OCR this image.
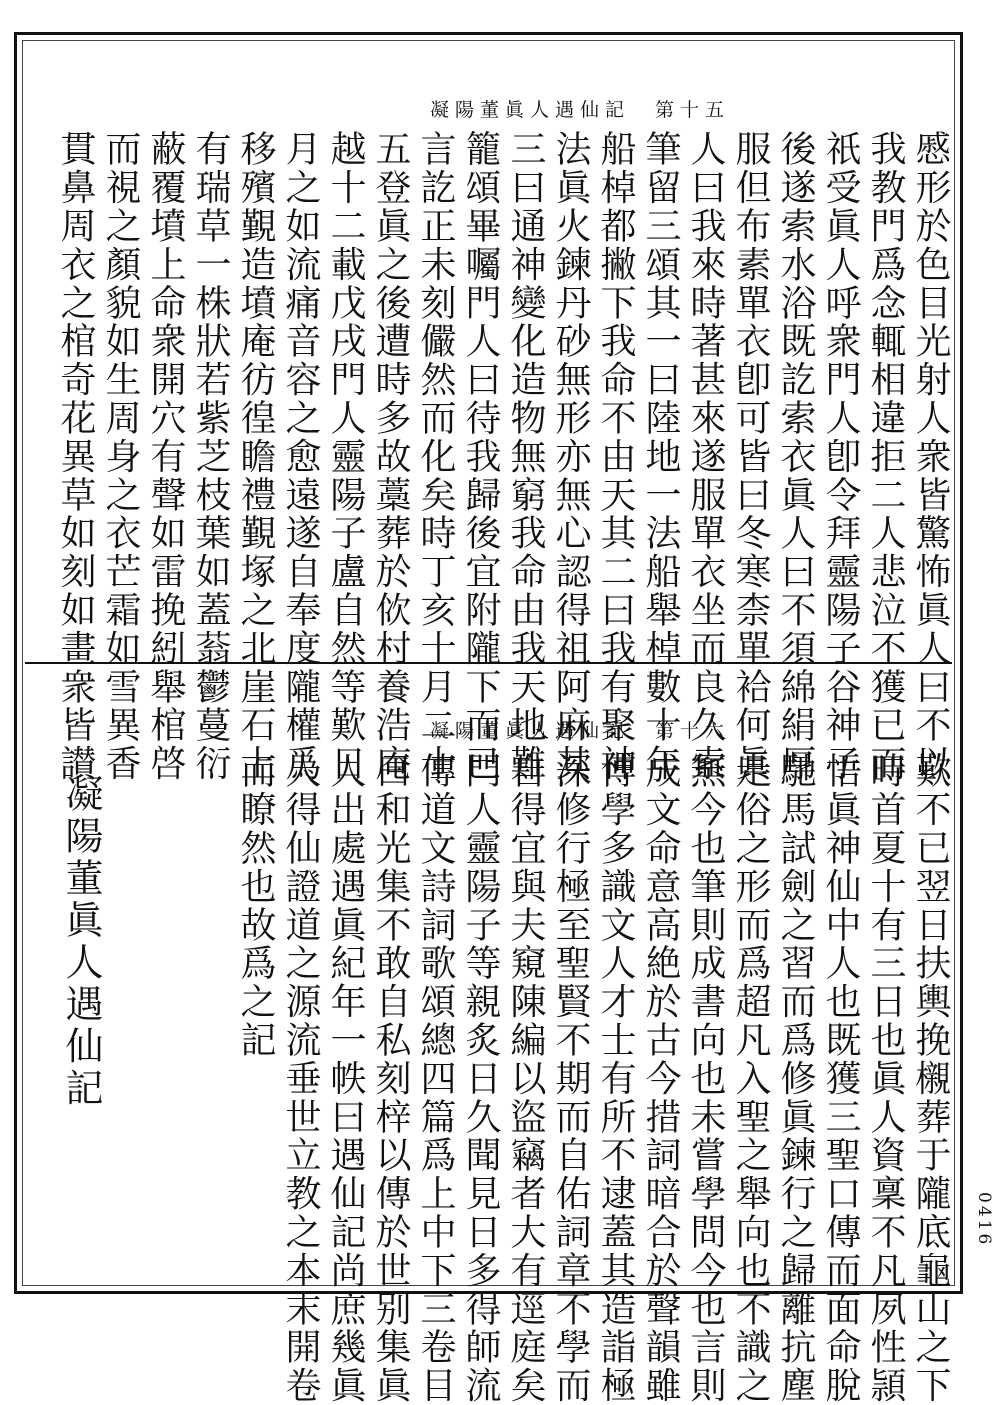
凝陽董眞人遇仙記　第十五
慼形於色目光射人衆皆驚怖眞人曰不以
我教門爲念輒相違拒二人悲泣不獲已而
祇受眞人呼衆門人卽令拜靈陽子谷神子
後遂索水浴既訖索衣眞人曰不須綿絹厚
服但布素單衣卽可皆曰冬寒柰單袷何眞
人曰我來時著甚來遂服單衣坐而良久索
筆留三頌其一曰陸地一法船舉棹數十年
船棹都撇下我命不由天其二曰我有聚神
法眞火鍊丹砂無形亦無心認得祖阿麻其
三曰通神變化造物無窮我命由我天地難
籠頌畢囑門人曰待我歸後宜附隴下而已
言訖正未刻儼然而化矣時丁亥十月二十
五登眞之後遭時多故藁葬於佽村養浩庵
越十二載戊戌門人靈陽子盧自然等歎日
月之如流痛音容之愈遠遂自奉度隴權爲
移殯覲造墳庵彷徨瞻禮覲塚之北崖石上
有瑞草一株狀若紫芝枝葉如蓋蓊鬱蔓衍
蔽覆墳上命衆開穴有聲如雷挽紖舉棺啓
而視之顏貌如生周身之衣芒霜如雪異香
貫鼻周衣之棺奇花異草如刻如畫衆皆讃	凝陽董眞人遇仙記　第十六
歎不已翌日扶輿挽櫬葬于隴底龜山之下
時首夏十有三日也眞人資稟不凡夙性頴
悟眞神仙中人也既獲三聖口傳而面命脫
馳馬試劍之習而爲修眞鍊行之歸離抗塵
走俗之形而爲超凡入聖之舉向也不識之
無今也筆則成書向也未嘗學問今也言則
成文命意高絶於古今措詞暗合於聲韻雖
博學多識文人才士有所不逮蓋其造詣極
深修行極至聖賢不期而自佑詞章不學而
自得宜與夫窺陳編以盜竊者大有逕庭矣
門人靈陽子等親炙日久聞見日多得師流
傳道文詩詞歌頌總四篇爲上中下三卷目
曰和光集不敢自私刻梓以傳於世别集眞
人出處遇眞紀年一帙曰遇仙記尚庶幾眞
人得仙證道之源流垂世立教之本末開卷
而瞭然也故爲之記
凝陽董眞人遇仙記
0416
